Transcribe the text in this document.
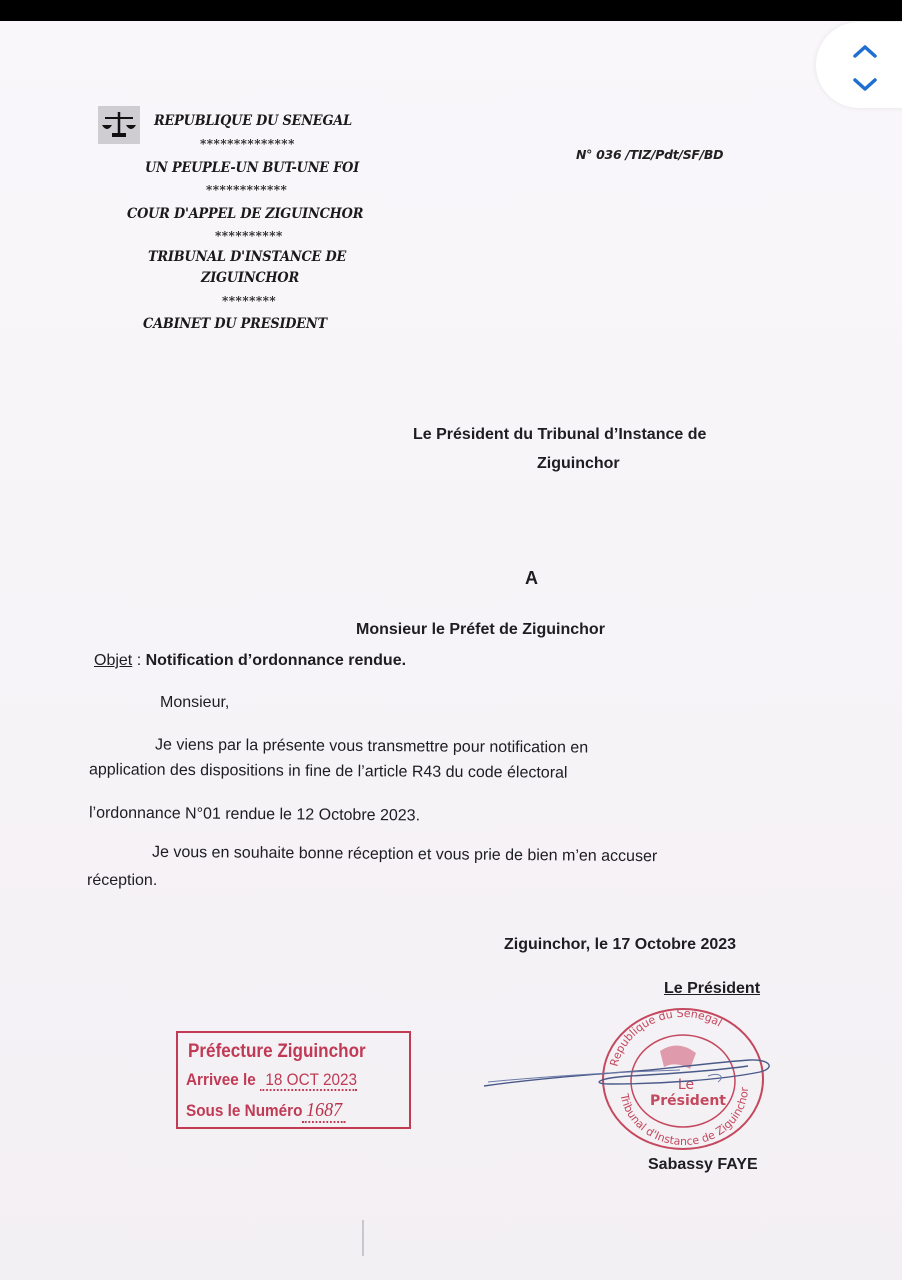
REPUBLIQUE DU SENEGAL
**************
UN PEUPLE-UN BUT-UNE FOI
************
COUR D'APPEL DE ZIGUINCHOR
**********
TRIBUNAL D'INSTANCE DE
ZIGUINCHOR
********
CABINET DU PRESIDENT
N° 036 /TIZ/Pdt/SF/BD
Le Président du Tribunal d’Instance de
Ziguinchor
A
Monsieur le Préfet de Ziguinchor
Objet : Notification d’ordonnance rendue.
Monsieur,
Je viens par la présente vous transmettre pour notification en
application des dispositions in fine de l’article R43 du code électoral
l’ordonnance N°01 rendue le 12 Octobre 2023.
Je vous en souhaite bonne réception et vous prie de bien m’en accuser
réception.
Ziguinchor, le 17 Octobre 2023
Le Président
Republique du Senegal
Tribunal d'Instance de Ziguinchor
Le
Président
Sabassy FAYE
Préfecture Ziguinchor
Arrivee le 18 OCT 2023
Sous le Numéro 1687
